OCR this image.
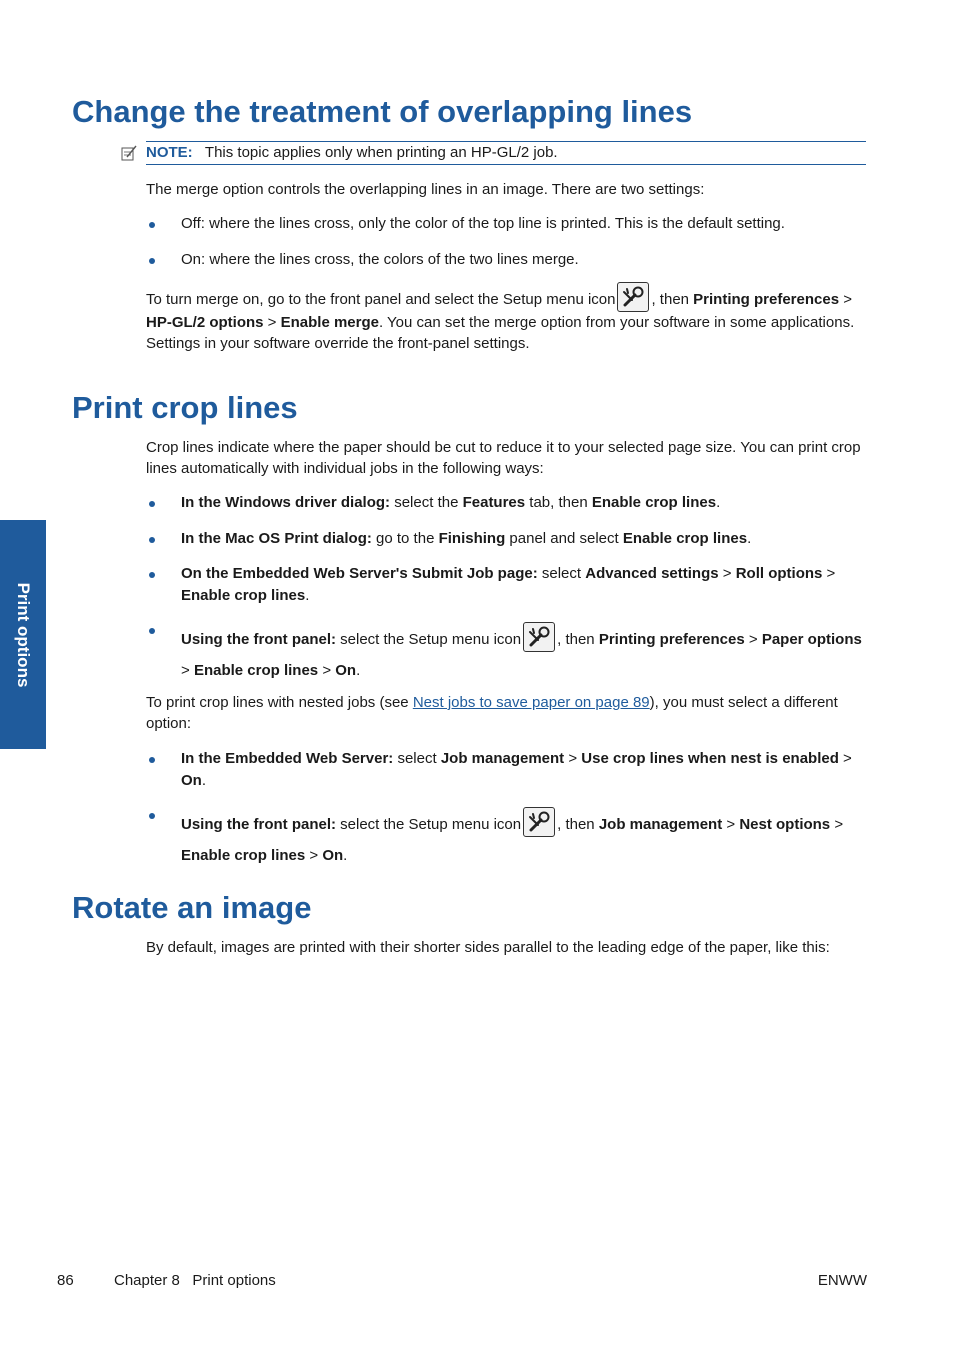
Print options
Change the treatment of overlapping lines
NOTE: This topic applies only when printing an HP-GL/2 job.

The merge option controls the overlapping lines in an image. There are two settings:

Off: where the lines cross, only the color of the top line is printed. This is the default setting.

On: where the lines cross, the colors of the two lines merge.

To turn merge on, go to the front panel and select the Setup menu icon , then Printing preferences > HP-GL/2 options > Enable merge. You can set the merge option from your software in some applications. Settings in your software override the front-panel settings.

Print crop lines

Crop lines indicate where the paper should be cut to reduce it to your selected page size. You can print crop lines automatically with individual jobs in the following ways:

In the Windows driver dialog: select the Features tab, then Enable crop lines.

In the Mac OS Print dialog: go to the Finishing panel and select Enable crop lines.

On the Embedded Web Server's Submit Job page: select Advanced settings > Roll options > Enable crop lines.

Using the front panel: select the Setup menu icon , then Printing preferences > Paper options > Enable crop lines > On.

To print crop lines with nested jobs (see Nest jobs to save paper on page 89), you must select a different option:

In the Embedded Web Server: select Job management > Use crop lines when nest is enabled > On.

Using the front panel: select the Setup menu icon , then Job management > Nest options > Enable crop lines > On.

Rotate an image

By default, images are printed with their shorter sides parallel to the leading edge of the paper, like this:

86	Chapter 8   Print options	ENWW
